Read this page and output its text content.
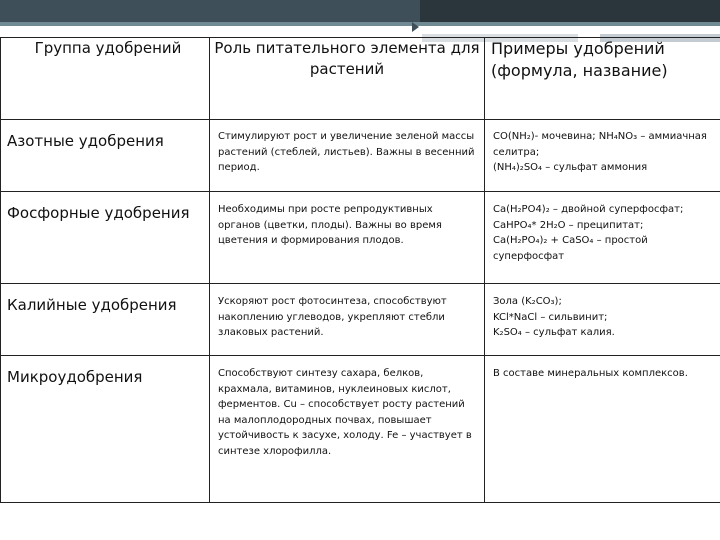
Группа удобрений	Роль питательного элемента для растений	Примеры удобрений (формула, название)

Азотные удобрения	Стимулируют рост и увеличение зеленой массы растений (стеблей, листьев). Важны в весенний период.	CO(NH₂)- мочевина; NH₄NO₃ – аммиачная селитра;
(NH₄)₂SO₄ – сульфат аммония

Фосфорные удобрения	Необходимы при росте репродуктивных органов (цветки, плоды). Важны во время цветения и формирования плодов.	Ca(H₂PO4)₂ – двойной суперфосфат;
CaHPO₄* 2H₂O – преципитат;
Ca(H₂PO₄)₂ + CaSO₄ – простой суперфосфат

Калийные удобрения	Ускоряют рост фотосинтеза, способствуют накоплению углеводов, укрепляют стебли злаковых растений.	Зола (K₂CO₃);
KCl*NaCl – сильвинит;
K₂SO₄ – сульфат калия.

Микроудобрения	Способствуют синтезу сахара, белков, крахмала, витаминов, нуклеиновых кислот, ферментов. Cu – способствует росту растений на малоплодородных почвах, повышает устойчивость к засухе, холоду. Fe – участвует в синтезе хлорофилла.	В составе минеральных комплексов.
